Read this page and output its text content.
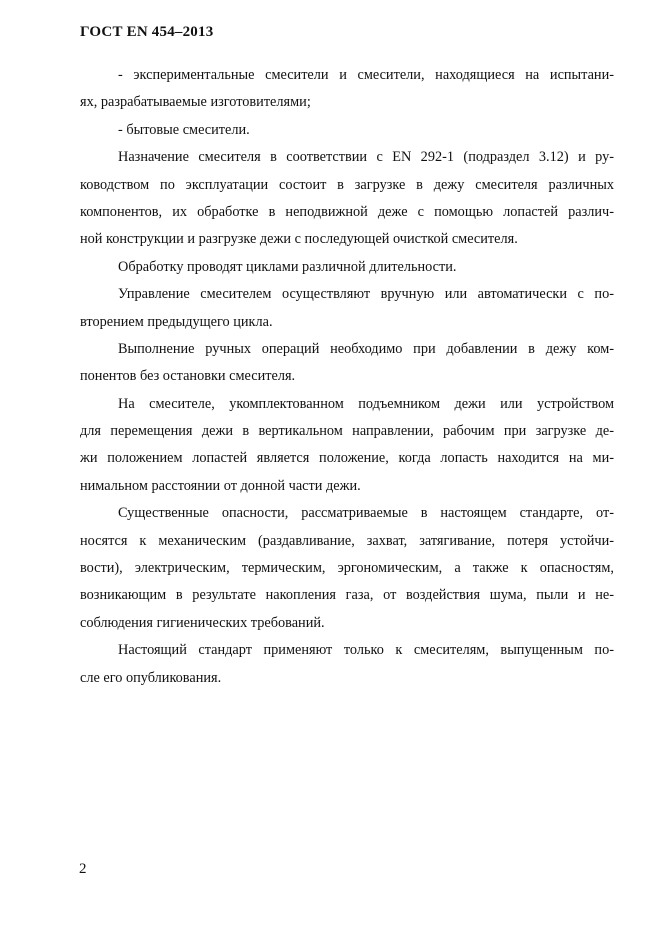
ГОСТ EN 454–2013
- экспериментальные смесители и смесители, находящиеся на испытани-
ях, разрабатываемые изготовителями;
- бытовые смесители.
Назначение смесителя в соответствии с EN 292-1 (подраздел 3.12) и ру-
ководством по эксплуатации состоит в загрузке в дежу смесителя различных
компонентов, их обработке в неподвижной деже с помощью лопастей различ-
ной конструкции и разгрузке дежи с последующей очисткой смесителя.
Обработку проводят циклами различной длительности.
Управление смесителем осуществляют вручную или автоматически с по-
вторением предыдущего цикла.
Выполнение ручных операций необходимо при добавлении в дежу ком-
понентов без остановки смесителя.
На смесителе, укомплектованном подъемником дежи или устройством
для перемещения дежи в вертикальном направлении, рабочим при загрузке де-
жи положением лопастей является положение, когда лопасть находится на ми-
нимальном расстоянии от донной части дежи.
Существенные опасности, рассматриваемые в настоящем стандарте, от-
носятся к механическим (раздавливание, захват, затягивание, потеря устойчи-
вости), электрическим, термическим, эргономическим, а также к опасностям,
возникающим в результате накопления газа, от воздействия шума, пыли и не-
соблюдения гигиенических требований.
Настоящий стандарт применяют только к смесителям, выпущенным по-
сле его опубликования.
2
